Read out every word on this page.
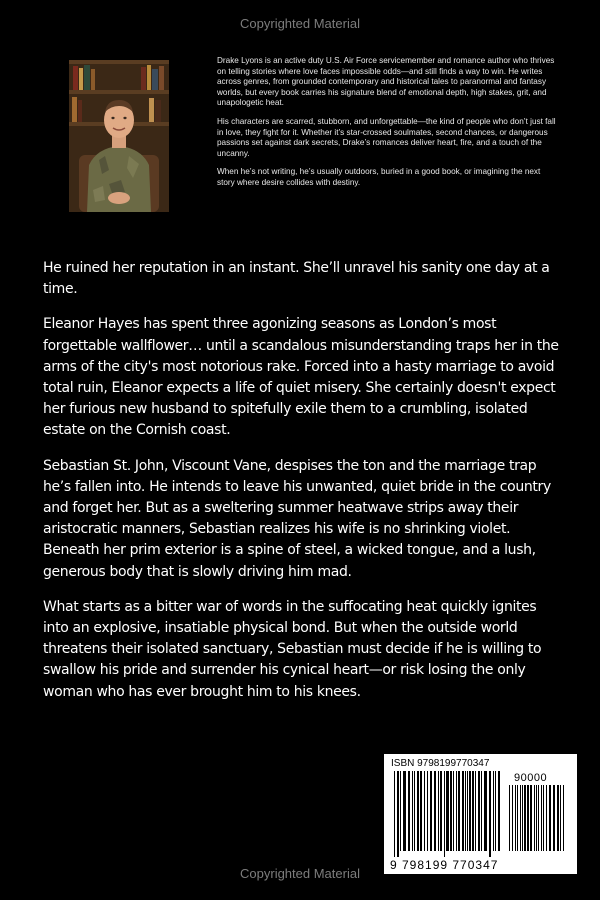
Copyrighted Material

Drake Lyons is an active duty U.S. Air Force servicemember and romance author who thrives on telling stories where love faces impossible odds—and still finds a way to win. He writes across genres, from grounded contemporary and historical tales to paranormal and fantasy worlds, but every book carries his signature blend of emotional depth, high stakes, grit, and unapologetic heat.

His characters are scarred, stubborn, and unforgettable—the kind of people who don’t just fall in love, they fight for it. Whether it’s star-crossed soulmates, second chances, or dangerous passions set against dark secrets, Drake’s romances deliver heart, fire, and a touch of the uncanny.

When he’s not writing, he’s usually outdoors, buried in a good book, or imagining the next story where desire collides with destiny.

He ruined her reputation in an instant. She’ll unravel his sanity one day at a time.

Eleanor Hayes has spent three agonizing seasons as London’s most forgettable wallflower… until a scandalous misunderstanding traps her in the arms of the city's most notorious rake. Forced into a hasty marriage to avoid total ruin, Eleanor expects a life of quiet misery. She certainly doesn't expect her furious new husband to spitefully exile them to a crumbling, isolated estate on the Cornish coast.

Sebastian St. John, Viscount Vane, despises the ton and the marriage trap he’s fallen into. He intends to leave his unwanted, quiet bride in the country and forget her. But as a sweltering summer heatwave strips away their aristocratic manners, Sebastian realizes his wife is no shrinking violet. Beneath her prim exterior is a spine of steel, a wicked tongue, and a lush, generous body that is slowly driving him mad.

What starts as a bitter war of words in the suffocating heat quickly ignites into an explosive, insatiable physical bond. But when the outside world threatens their isolated sanctuary, Sebastian must decide if he is willing to swallow his pride and surrender his cynical heart—or risk losing the only woman who has ever brought him to his knees.

ISBN 9798199770347
90000
9 798199 770347
Copyrighted Material
